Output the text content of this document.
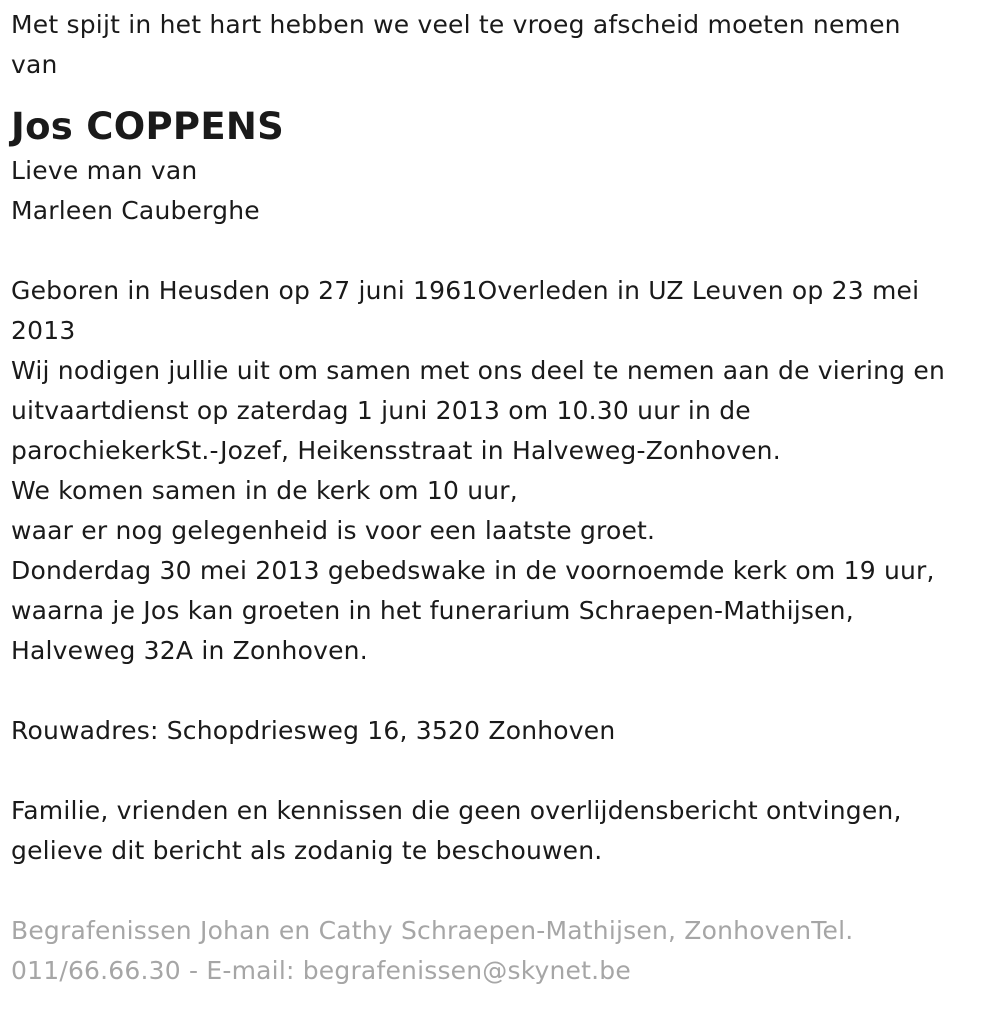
Met spijt in het hart hebben we veel te vroeg afscheid moeten nemen
van
Jos COPPENS
Lieve man van
Marleen Cauberghe
Geboren in Heusden op 27 juni 1961Overleden in UZ Leuven op 23 mei
2013
Wij nodigen jullie uit om samen met ons deel te nemen aan de viering en
uitvaartdienst op zaterdag 1 juni 2013 om 10.30 uur in de
parochiekerkSt.-Jozef, Heikensstraat in Halveweg-Zonhoven.
We komen samen in de kerk om 10 uur,
waar er nog gelegenheid is voor een laatste groet.
Donderdag 30 mei 2013 gebedswake in de voornoemde kerk om 19 uur,
waarna je Jos kan groeten in het funerarium Schraepen-Mathijsen,
Halveweg 32A in Zonhoven.
Rouwadres: Schopdriesweg 16, 3520 Zonhoven
Familie, vrienden en kennissen die geen overlijdensbericht ontvingen,
gelieve dit bericht als zodanig te beschouwen.
Begrafenissen Johan en Cathy Schraepen-Mathijsen, ZonhovenTel.
011/66.66.30 - E-mail: begrafenissen@skynet.be
